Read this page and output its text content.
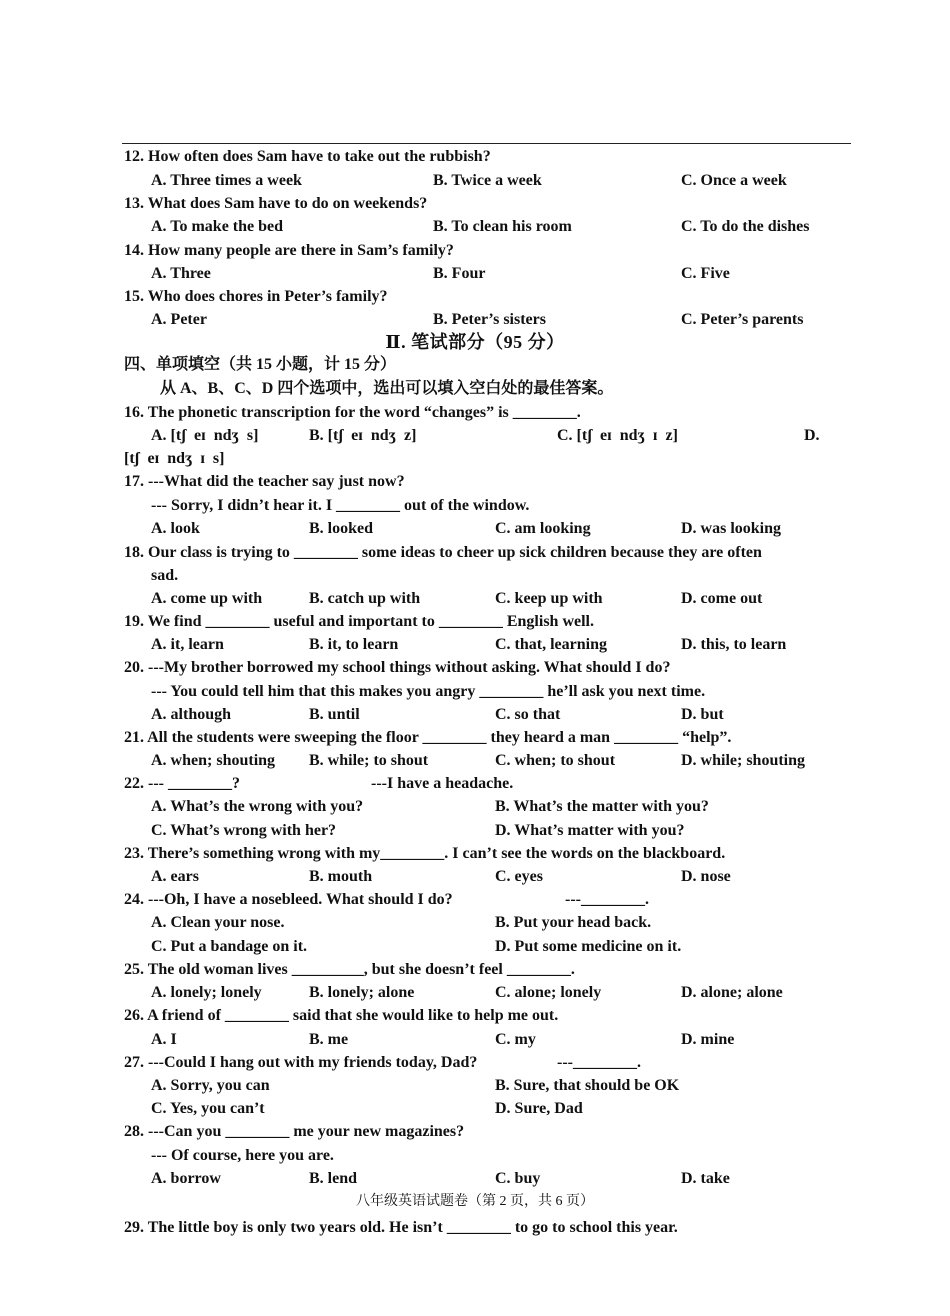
12. How often does Sam have to take out the rubbish?
A. Three times a week	B. Twice a week	C. Once a week
13. What does Sam have to do on weekends?
A. To make the bed	B. To clean his room	C. To do the dishes
14. How many people are there in Sam’s family?
A. Three	B. Four	C. Five
15. Who does chores in Peter’s family?
A. Peter	B. Peter’s sisters	C. Peter’s parents
Ⅱ. 笔试部分（95 分）
四、单项填空（共 15 小题，计 15 分）
从 A、B、C、D 四个选项中，选出可以填入空白处的最佳答案。
16. The phonetic transcription for the word “changes” is ________.
A. [tʃ  eɪ  ndʒ  s]	B. [tʃ  eɪ  ndʒ  z]	C. [tʃ  eɪ  ndʒ  ɪ  z]	D.
[tʃ  eɪ  ndʒ  ɪ  s]
17. ---What did the teacher say just now?
--- Sorry, I didn’t hear it. I ________ out of the window.
A. look	B. looked	C. am looking	D. was looking
18. Our class is trying to ________ some ideas to cheer up sick children because they are often
sad.
A. come up with	B. catch up with	C. keep up with	D. come out
19. We find ________ useful and important to ________ English well.
A. it, learn	B. it, to learn	C. that, learning	D. this, to learn
20. ---My brother borrowed my school things without asking. What should I do?
--- You could tell him that this makes you angry ________ he’ll ask you next time.
A. although	B. until	C. so that	D. but
21. All the students were sweeping the floor ________ they heard a man ________ “help”.
A. when; shouting B. while; to shout	C. when; to shout	D. while; shouting
22. --- ________?	---I have a headache.
A. What’s the wrong with you?	B. What’s the matter with you?
C. What’s wrong with her?	D. What’s matter with you?
23. There’s something wrong with my________. I can’t see the words on the blackboard.
A. ears	B. mouth	C. eyes	D. nose
24. ---Oh, I have a nosebleed. What should I do?	---________.
A. Clean your nose.	B. Put your head back.
C. Put a bandage on it.	D. Put some medicine on it.
25. The old woman lives _________, but she doesn’t feel ________.
A. lonely; lonely	B. lonely; alone	C. alone; lonely	D. alone; alone
26. A friend of ________ said that she would like to help me out.
A. I	B. me	C. my	D. mine
27. ---Could I hang out with my friends today, Dad?	---________.
A. Sorry, you can	B. Sure, that should be OK
C. Yes, you can’t	D. Sure, Dad
28. ---Can you ________ me your new magazines?
--- Of course, here you are.
A. borrow	B. lend	C. buy	D. take
八年级英语试题卷（第 2 页，共 6 页）
29. The little boy is only two years old. He isn’t ________ to go to school this year.
